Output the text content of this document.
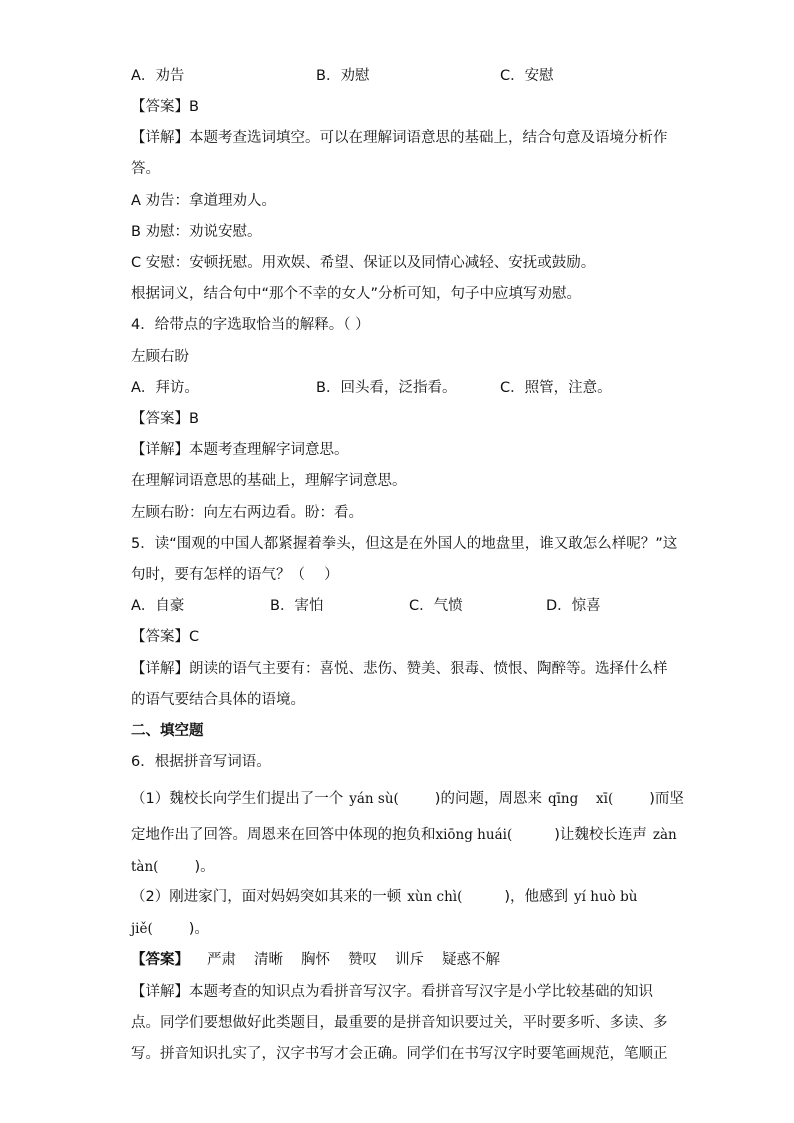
A．劝告	B．劝慰	C．安慰
【答案】B
【详解】本题考查选词填空。可以在理解词语意思的基础上，结合句意及语境分析作
答。
A 劝告：拿道理劝人。
B 劝慰：劝说安慰。
C 安慰：安顿抚慰。用欢娱、希望、保证以及同情心减轻、安抚或鼓励。
根据词义，结合句中“那个不幸的女人”分析可知，句子中应填写劝慰。
4．给带点的字选取恰当的解释。（ ）
左顾右盼
A．拜访。	B．回头看，泛指看。	C．照管，注意。
【答案】B
【详解】本题考查理解字词意思。
在理解词语意思的基础上，理解字词意思。
左顾右盼：向左右两边看。盼：看。
5．读“围观的中国人都紧握着拳头，但这是在外国人的地盘里，谁又敢怎么样呢？”这
句时，要有怎样的语气？（　 ）
A．自豪	B．害怕	C．气愤	D．惊喜
【答案】C
【详解】朗读的语气主要有：喜悦、悲伤、赞美、狠毒、愤恨、陶醉等。选择什么样
的语气要结合具体的语境。
二、填空题
6．根据拼音写词语。
（1）魏校长向学生们提出了一个 yán sù( )的问题，周恩来 qīng　 xī( )而坚
定地作出了回答。周恩来在回答中体现的抱负和xiōng huái(	)让魏校长连声 zàn
tàn( )。
（2）刚进家门，面对妈妈突如其来的一顿 xùn chì(	)，他感到 yí huò bù
jiě( )。
【答案】 严肃 清晰 胸怀 赞叹 训斥 疑惑不解
【详解】本题考查的知识点为看拼音写汉字。看拼音写汉字是小学比较基础的知识
点。同学们要想做好此类题目，最重要的是拼音知识要过关，平时要多听、多读、多
写。拼音知识扎实了，汉字书写才会正确。同学们在书写汉字时要笔画规范，笔顺正
